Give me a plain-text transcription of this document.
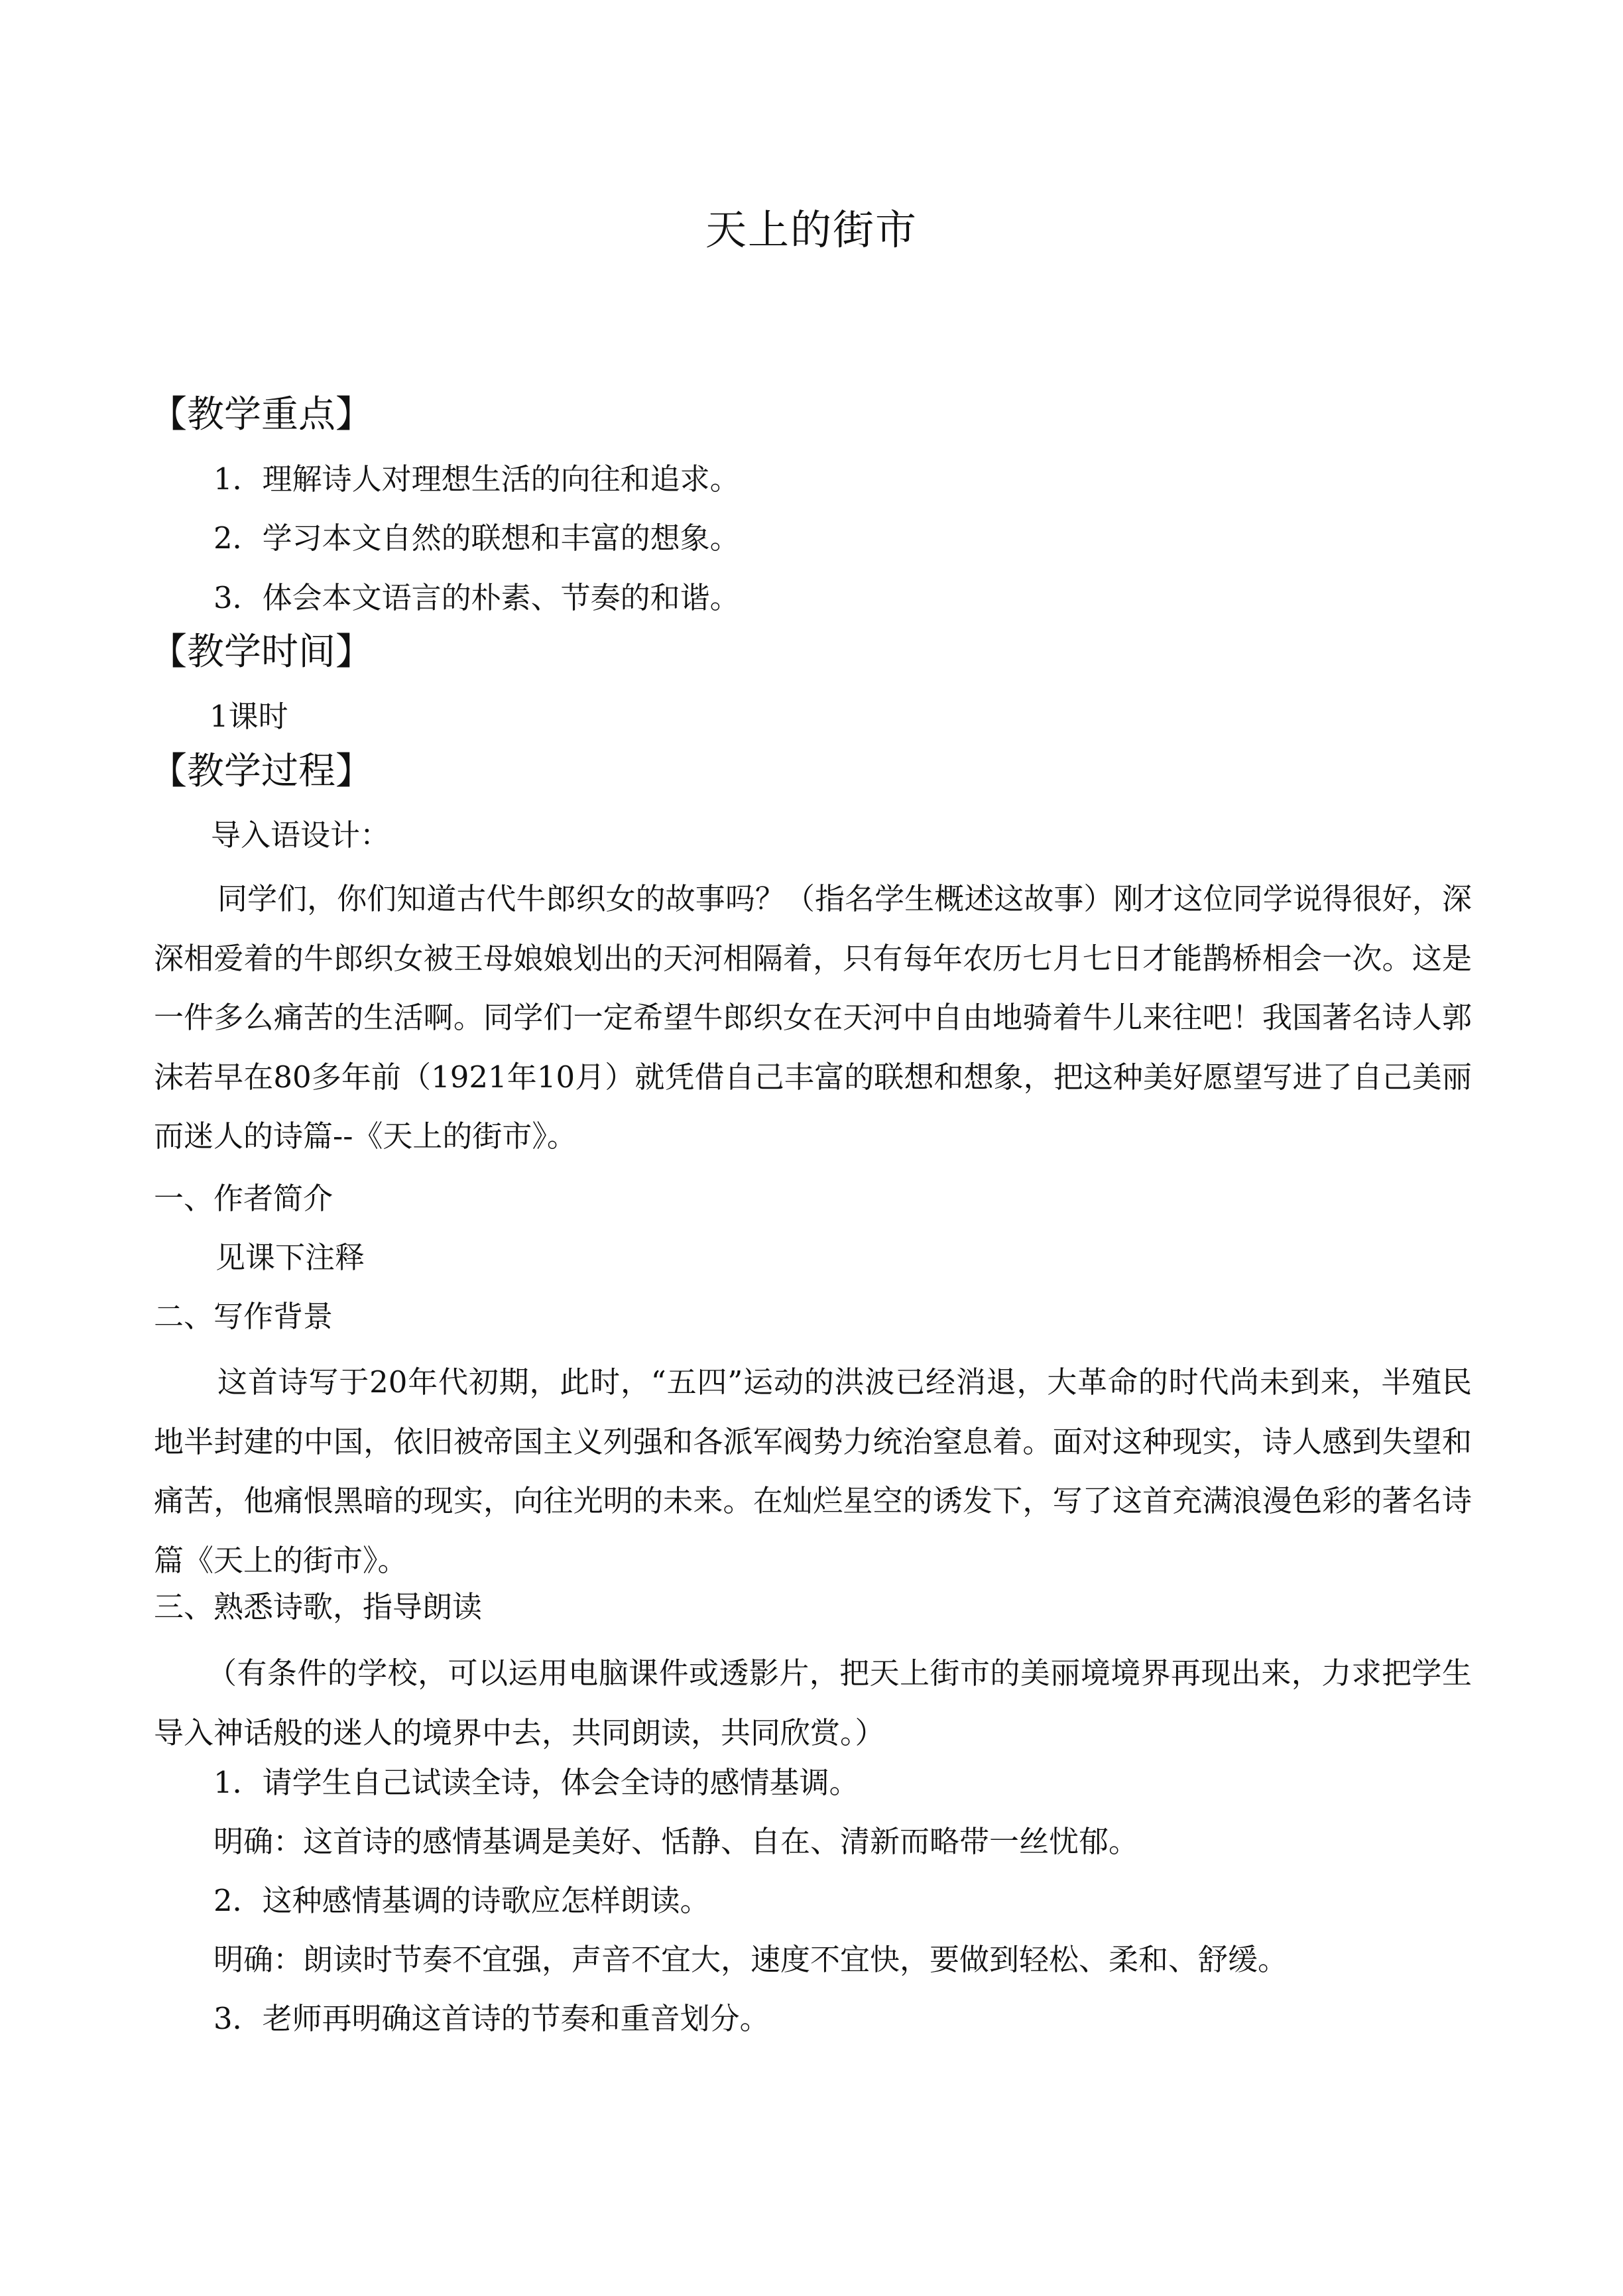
天上的街市
【教学重点】
1．理解诗人对理想生活的向往和追求。
2．学习本文自然的联想和丰富的想象。
3．体会本文语言的朴素、节奏的和谐。
【教学时间】
1课时
【教学过程】
导入语设计：
同学们，你们知道古代牛郎织女的故事吗？（指名学生概述这故事）刚才这位同学说得很好，深深相爱着的牛郎织女被王母娘娘划出的天河相隔着，只有每年农历七月七日才能鹊桥相会一次。这是一件多么痛苦的生活啊。同学们一定希望牛郎织女在天河中自由地骑着牛儿来往吧！我国著名诗人郭沫若早在80多年前（1921年10月）就凭借自己丰富的联想和想象，把这种美好愿望写进了自己美丽而迷人的诗篇--《天上的街市》。
一、作者简介
见课下注释
二、写作背景
这首诗写于20年代初期，此时，“五四”运动的洪波已经消退，大革命的时代尚未到来，半殖民地半封建的中国，依旧被帝国主义列强和各派军阀势力统治窒息着。面对这种现实，诗人感到失望和痛苦，他痛恨黑暗的现实，向往光明的未来。在灿烂星空的诱发下，写了这首充满浪漫色彩的著名诗篇《天上的街市》。
三、熟悉诗歌，指导朗读
（有条件的学校，可以运用电脑课件或透影片，把天上街市的美丽境境界再现出来，力求把学生导入神话般的迷人的境界中去，共同朗读，共同欣赏。）
1．请学生自己试读全诗，体会全诗的感情基调。
明确：这首诗的感情基调是美好、恬静、自在、清新而略带一丝忧郁。
2．这种感情基调的诗歌应怎样朗读。
明确：朗读时节奏不宜强，声音不宜大，速度不宜快，要做到轻松、柔和、舒缓。
3．老师再明确这首诗的节奏和重音划分。
